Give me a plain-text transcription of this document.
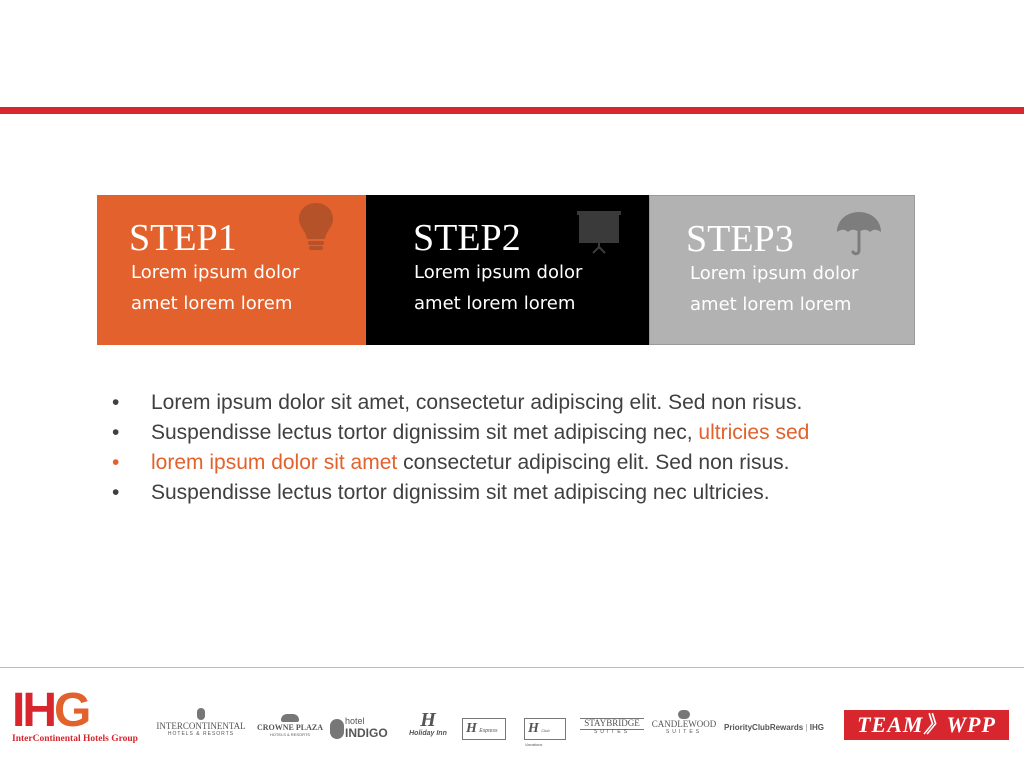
STEP1
Lorem ipsum dolor
amet lorem lorem
STEP2
Lorem ipsum dolor
amet lorem lorem
STEP3
Lorem ipsum dolor
amet lorem lorem
• Lorem ipsum dolor sit amet, consectetur adipiscing elit. Sed non risus.
• Suspendisse lectus tortor dignissim sit met adipiscing nec, ultricies sed
• lorem ipsum dolor sit amet consectetur adipiscing elit. Sed non risus.
• Suspendisse lectus tortor dignissim sit met adipiscing nec ultricies.
IHG
InterContinental Hotels Group
INTERCONTINENTAL
HOTELS & RESORTS
CROWNE PLAZA
HOTELS & RESORTS
hotel
INDIGO
H
Holiday Inn	H Express	H Club Vacations
STAYBRIDGE
SUITES
CANDLEWOOD
SUITES	PriorityClubRewards | IHG	TEAM》WPP
